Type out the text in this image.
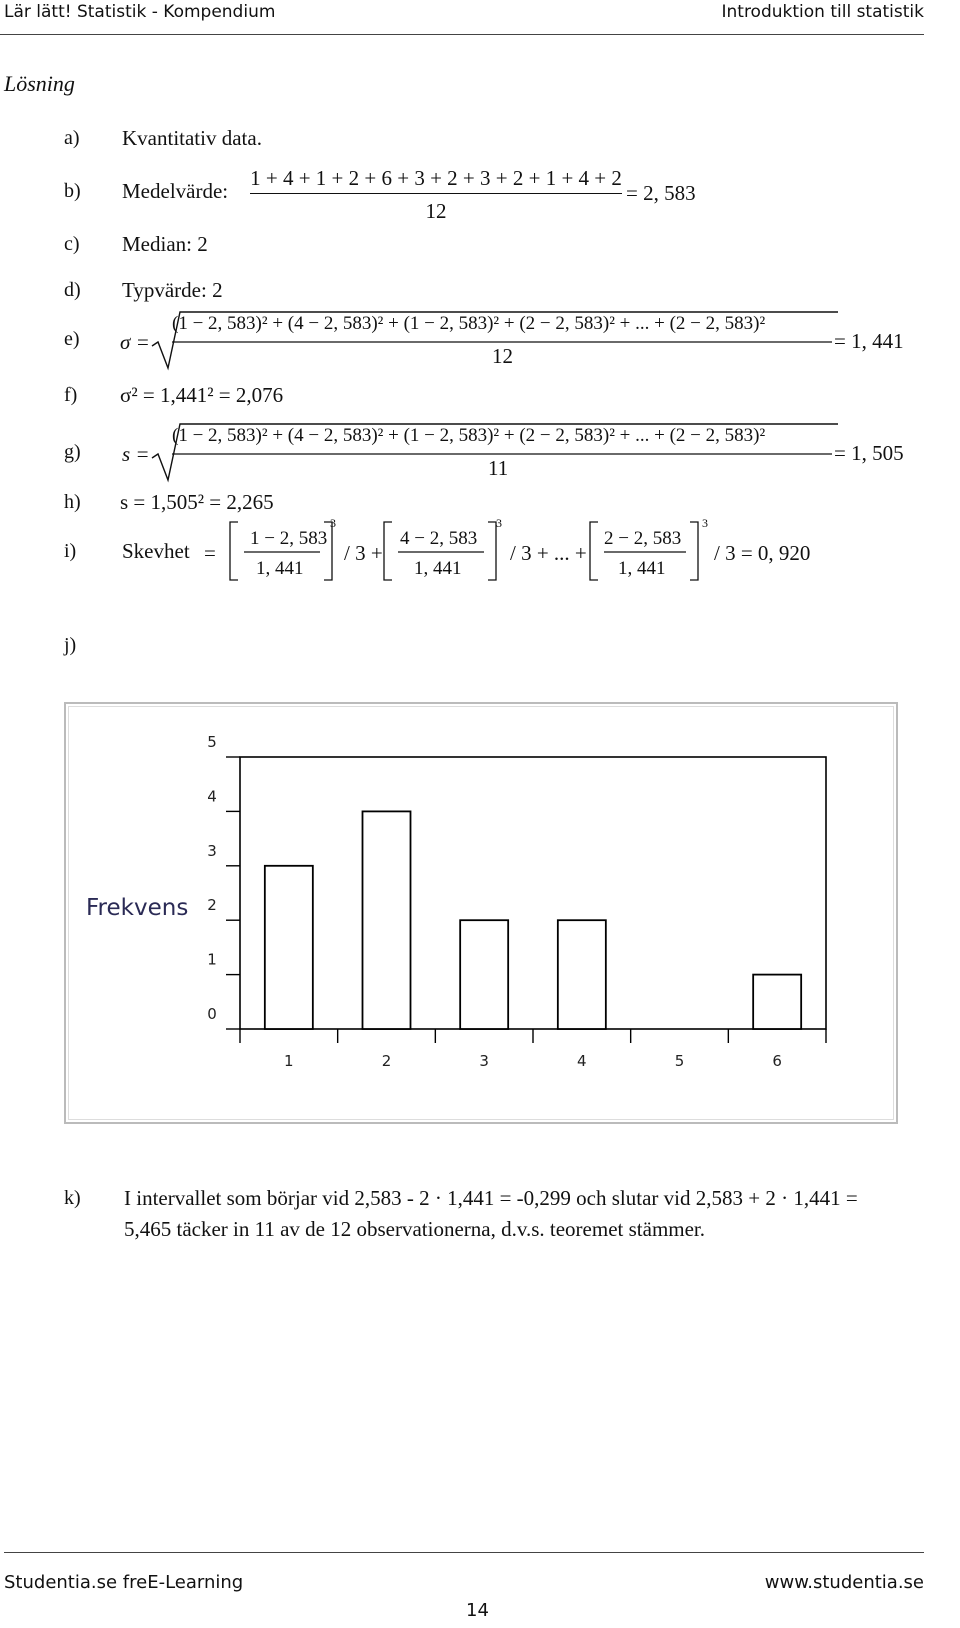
Lär lätt! Statistik - Kompendium	Introduktion till statistik
Lösning
a) Kvantitativ data.
b) Medelvärde:
1 + 4 + 1 + 2 + 6 + 3 + 2 + 3 + 2 + 1 + 4 + 2
12
= 2, 583
c) Median: 2
d) Typvärde: 2
e) σ =
(1 − 2, 583)² + (4 − 2, 583)² + (1 − 2, 583)² + (2 − 2, 583)² + ... + (2 − 2, 583)²
12
= 1, 441
f) σ² = 1,441² = 2,076
g) s =
(1 − 2, 583)² + (4 − 2, 583)² + (1 − 2, 583)² + (2 − 2, 583)² + ... + (2 − 2, 583)²
11
= 1, 505
h) s = 1,505² = 2,265
i) Skevhet =
1 − 2, 583
1, 441
3
/ 3 +
4 − 2, 583
1, 441
3
/ 3 + ... +
2 − 2, 583
1, 441
3
/ 3 = 0, 920
j)
Frekvens
0
1
2
3
4
5
1	2	3	4	5	6
k) I intervallet som börjar vid 2,583 - 2 · 1,441 = -0,299 och slutar vid 2,583 + 2 · 1,441 =
5,465 täcker in 11 av de 12 observationerna, d.v.s. teoremet stämmer.
Studentia.se freE-Learning	www.studentia.se
14
